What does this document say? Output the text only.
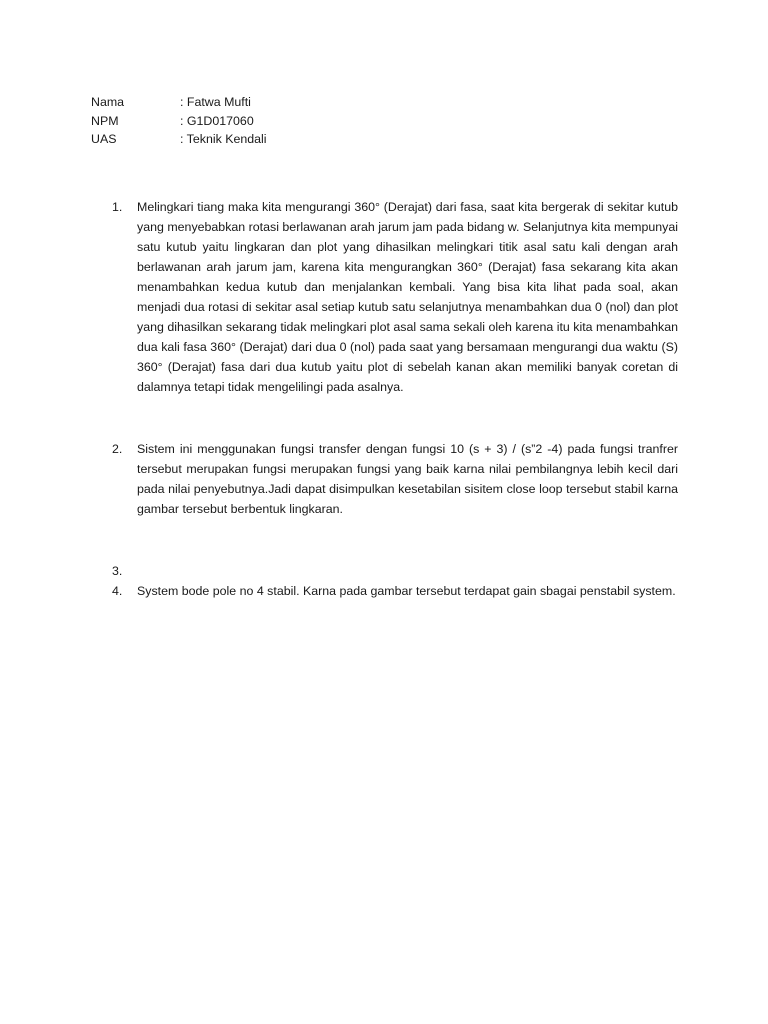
Nama	: Fatwa Mufti
NPM	: G1D017060
UAS	: Teknik Kendali
1.	Melingkari tiang maka kita mengurangi 360° (Derajat) dari fasa, saat kita bergerak di sekitar kutub yang menyebabkan rotasi berlawanan arah jarum jam pada bidang w. Selanjutnya kita mempunyai satu kutub yaitu lingkaran dan plot yang dihasilkan melingkari titik asal satu kali dengan arah berlawanan arah jarum jam, karena kita mengurangkan 360° (Derajat) fasa sekarang kita akan menambahkan kedua kutub dan menjalankan kembali. Yang bisa kita lihat pada soal, akan menjadi dua rotasi di sekitar asal setiap kutub satu selanjutnya menambahkan dua 0 (nol) dan plot yang dihasilkan sekarang tidak melingkari plot asal sama sekali oleh karena itu kita menambahkan dua kali fasa 360° (Derajat) dari dua 0 (nol) pada saat yang bersamaan mengurangi dua waktu (S) 360° (Derajat) fasa dari dua kutub yaitu plot di sebelah kanan akan memiliki banyak coretan di dalamnya tetapi tidak mengelilingi pada asalnya.
2.	Sistem ini menggunakan fungsi transfer dengan fungsi 10 (s + 3) / (s”2 -4) pada fungsi tranfrer tersebut merupakan fungsi merupakan fungsi yang baik karna nilai pembilangnya lebih kecil dari pada nilai penyebutnya.Jadi dapat disimpulkan kesetabilan sisitem close loop tersebut stabil karna gambar tersebut berbentuk lingkaran.
3.
4.	System bode pole no 4 stabil. Karna pada gambar tersebut terdapat gain sbagai penstabil system.
